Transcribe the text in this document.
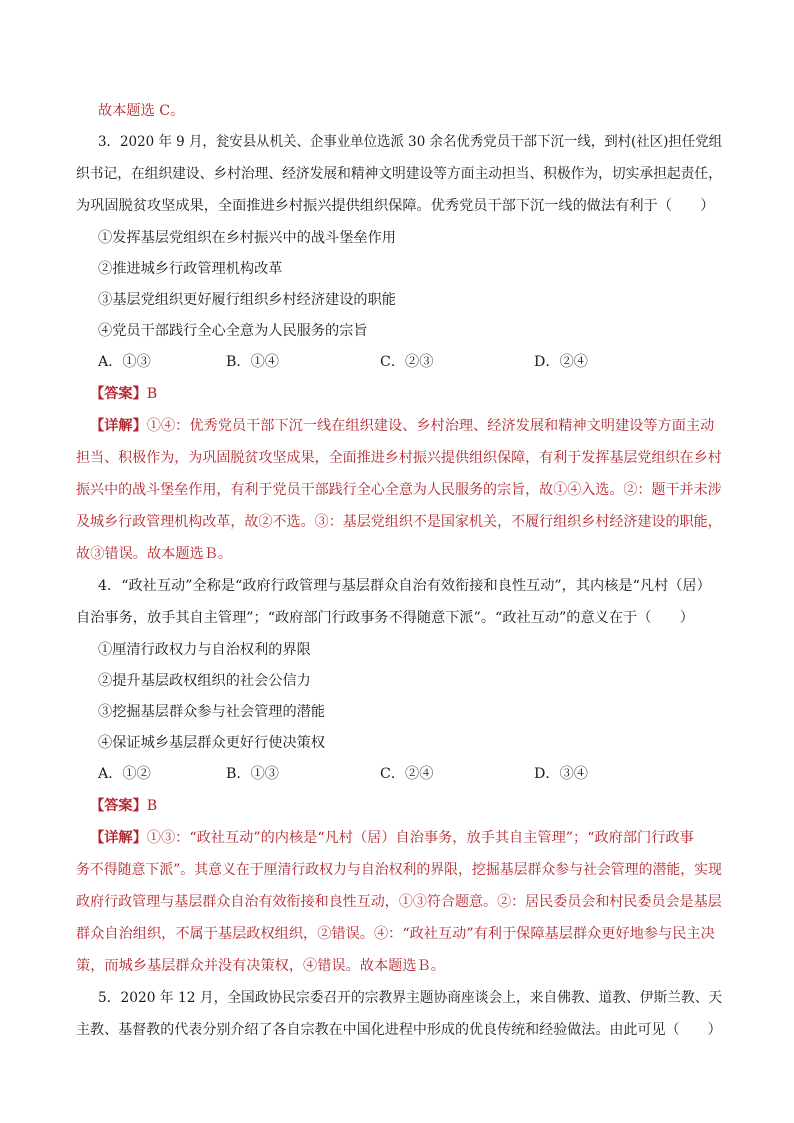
故本题选 C。
3．2020 年 9 月，瓮安县从机关、企事业单位选派 30 余名优秀党员干部下沉一线，到村(社区)担任党组
织书记，在组织建设、乡村治理、经济发展和精神文明建设等方面主动担当、积极作为，切实承担起责任，
为巩固脱贫攻坚成果，全面推进乡村振兴提供组织保障。优秀党员干部下沉一线的做法有利于（　　）
①发挥基层党组织在乡村振兴中的战斗堡垒作用
②推进城乡行政管理机构改革
③基层党组织更好履行组织乡村经济建设的职能
④党员干部践行全心全意为人民服务的宗旨
A．①③	B．①④	C．②③	D．②④
【答案】B
【详解】①④：优秀党员干部下沉一线在组织建设、乡村治理、经济发展和精神文明建设等方面主动
担当、积极作为，为巩固脱贫攻坚成果，全面推进乡村振兴提供组织保障，有利于发挥基层党组织在乡村
振兴中的战斗堡垒作用，有利于党员干部践行全心全意为人民服务的宗旨，故①④入选。②：题干并未涉
及城乡行政管理机构改革，故②不选。③：基层党组织不是国家机关，不履行组织乡村经济建设的职能，
故③错误。故本题选Ｂ。
4．“政社互动”全称是“政府行政管理与基层群众自治有效衔接和良性互动”，其内核是“凡村（居）
自治事务，放手其自主管理”；“政府部门行政事务不得随意下派”。“政社互动”的意义在于（　　）
①厘清行政权力与自治权利的界限
②提升基层政权组织的社会公信力
③挖掘基层群众参与社会管理的潜能
④保证城乡基层群众更好行使决策权
A．①②	B．①③	C．②④	D．③④
【答案】B
【详解】①③：“政社互动”的内核是“凡村（居）自治事务，放手其自主管理”；“政府部门行政事
务不得随意下派”。其意义在于厘清行政权力与自治权利的界限，挖掘基层群众参与社会管理的潜能，实现
政府行政管理与基层群众自治有效衔接和良性互动，①③符合题意。②：居民委员会和村民委员会是基层
群众自治组织，不属于基层政权组织，②错误。④：“政社互动”有利于保障基层群众更好地参与民主决
策，而城乡基层群众并没有决策权，④错误。故本题选Ｂ。
5．2020 年 12 月，全国政协民宗委召开的宗教界主题协商座谈会上，来自佛教、道教、伊斯兰教、天
主教、基督教的代表分别介绍了各自宗教在中国化进程中形成的优良传统和经验做法。由此可见（　　）
